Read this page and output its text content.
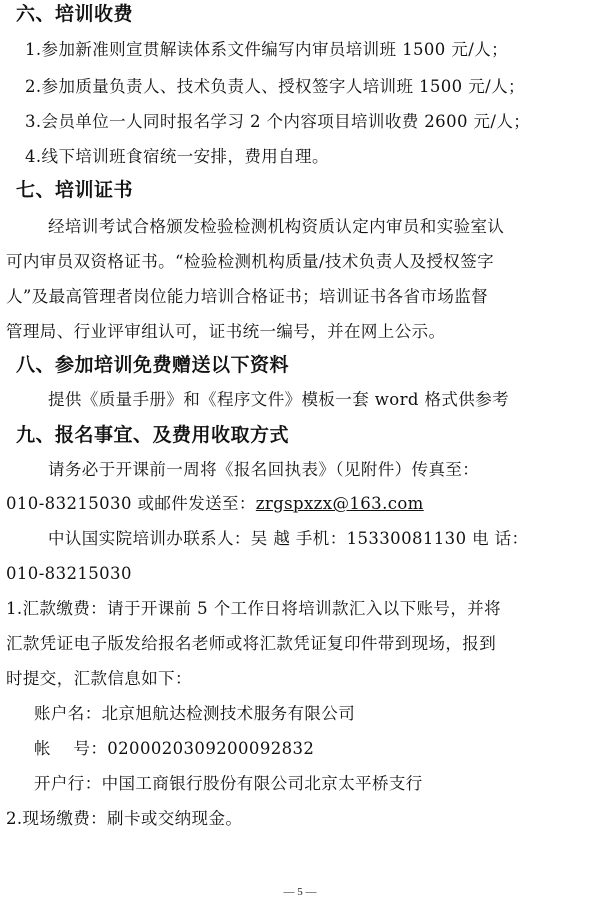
六、培训收费
1.参加新准则宣贯解读体系文件编写内审员培训班 1500 元/人；
2.参加质量负责人、技术负责人、授权签字人培训班 1500 元/人；
3.会员单位一人同时报名学习 2 个内容项目培训收费 2600 元/人；
4.线下培训班食宿统一安排，费用自理。
七、培训证书
经培训考试合格颁发检验检测机构资质认定内审员和实验室认
可内审员双资格证书。“检验检测机构质量/技术负责人及授权签字
人”及最高管理者岗位能力培训合格证书；培训证书各省市场监督
管理局、行业评审组认可，证书统一编号，并在网上公示。
八、参加培训免费赠送以下资料
提供《质量手册》和《程序文件》模板一套 word 格式供参考
九、报名事宜、及费用收取方式
请务必于开课前一周将《报名回执表》（见附件）传真至：
010-83215030 或邮件发送至：zrgspxzx@163.com
中认国实院培训办联系人：吴 越 手机：15330081130 电 话：
010-83215030
1.汇款缴费：请于开课前 5 个工作日将培训款汇入以下账号，并将
汇款凭证电子版发给报名老师或将汇款凭证复印件带到现场，报到
时提交，汇款信息如下：
账户名：北京旭航达检测技术服务有限公司
帐　 号：0200020309200092832
开户行：中国工商银行股份有限公司北京太平桥支行
2.现场缴费：刷卡或交纳现金。
— 5 —
